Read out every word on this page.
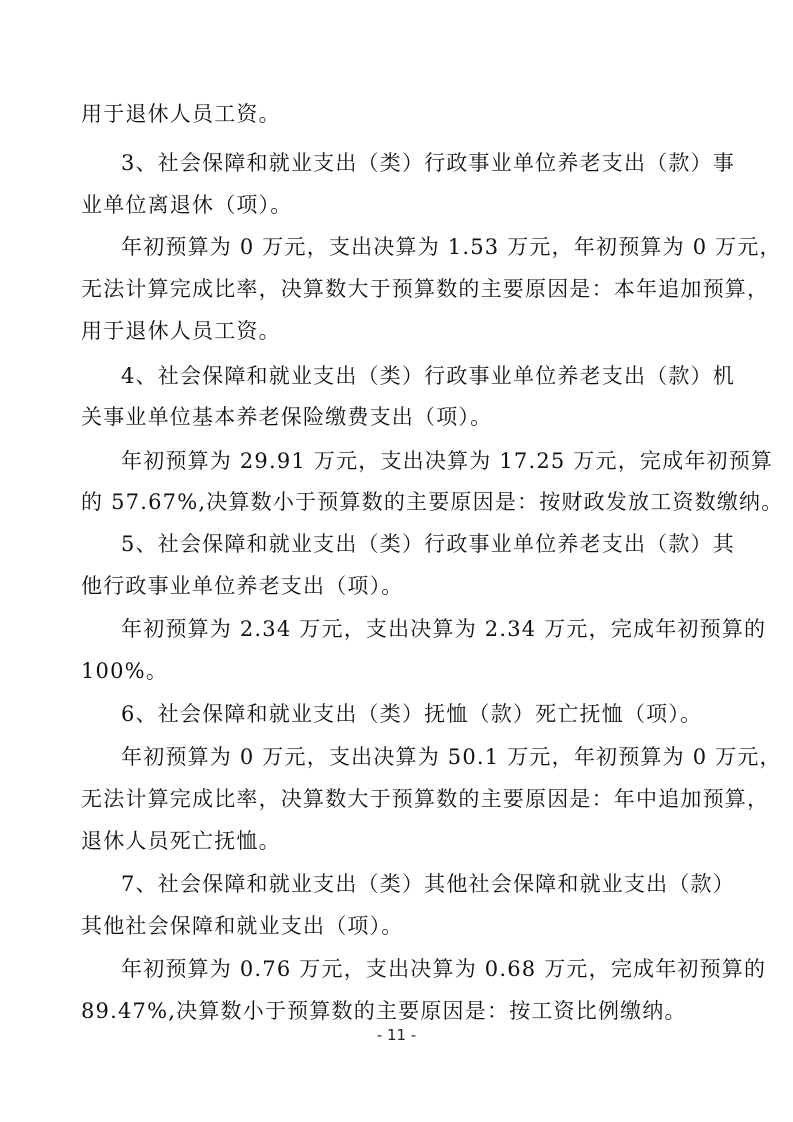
用于退休人员工资。
3、社会保障和就业支出（类）行政事业单位养老支出（款）事
业单位离退休（项）。
年初预算为 0 万元，支出决算为 1.53 万元，年初预算为 0 万元，
无法计算完成比率，决算数大于预算数的主要原因是：本年追加预算，
用于退休人员工资。
4、社会保障和就业支出（类）行政事业单位养老支出（款）机
关事业单位基本养老保险缴费支出（项）。
年初预算为 29.91 万元，支出决算为 17.25 万元，完成年初预算
的 57.67%,决算数小于预算数的主要原因是：按财政发放工资数缴纳。
5、社会保障和就业支出（类）行政事业单位养老支出（款）其
他行政事业单位养老支出（项）。
年初预算为 2.34 万元，支出决算为 2.34 万元，完成年初预算的
100%。
6、社会保障和就业支出（类）抚恤（款）死亡抚恤（项）。
年初预算为 0 万元，支出决算为 50.1 万元，年初预算为 0 万元，
无法计算完成比率，决算数大于预算数的主要原因是：年中追加预算，
退休人员死亡抚恤。
7、社会保障和就业支出（类）其他社会保障和就业支出（款）
其他社会保障和就业支出（项）。
年初预算为 0.76 万元，支出决算为 0.68 万元，完成年初预算的
89.47%,决算数小于预算数的主要原因是：按工资比例缴纳。
- 11 -
